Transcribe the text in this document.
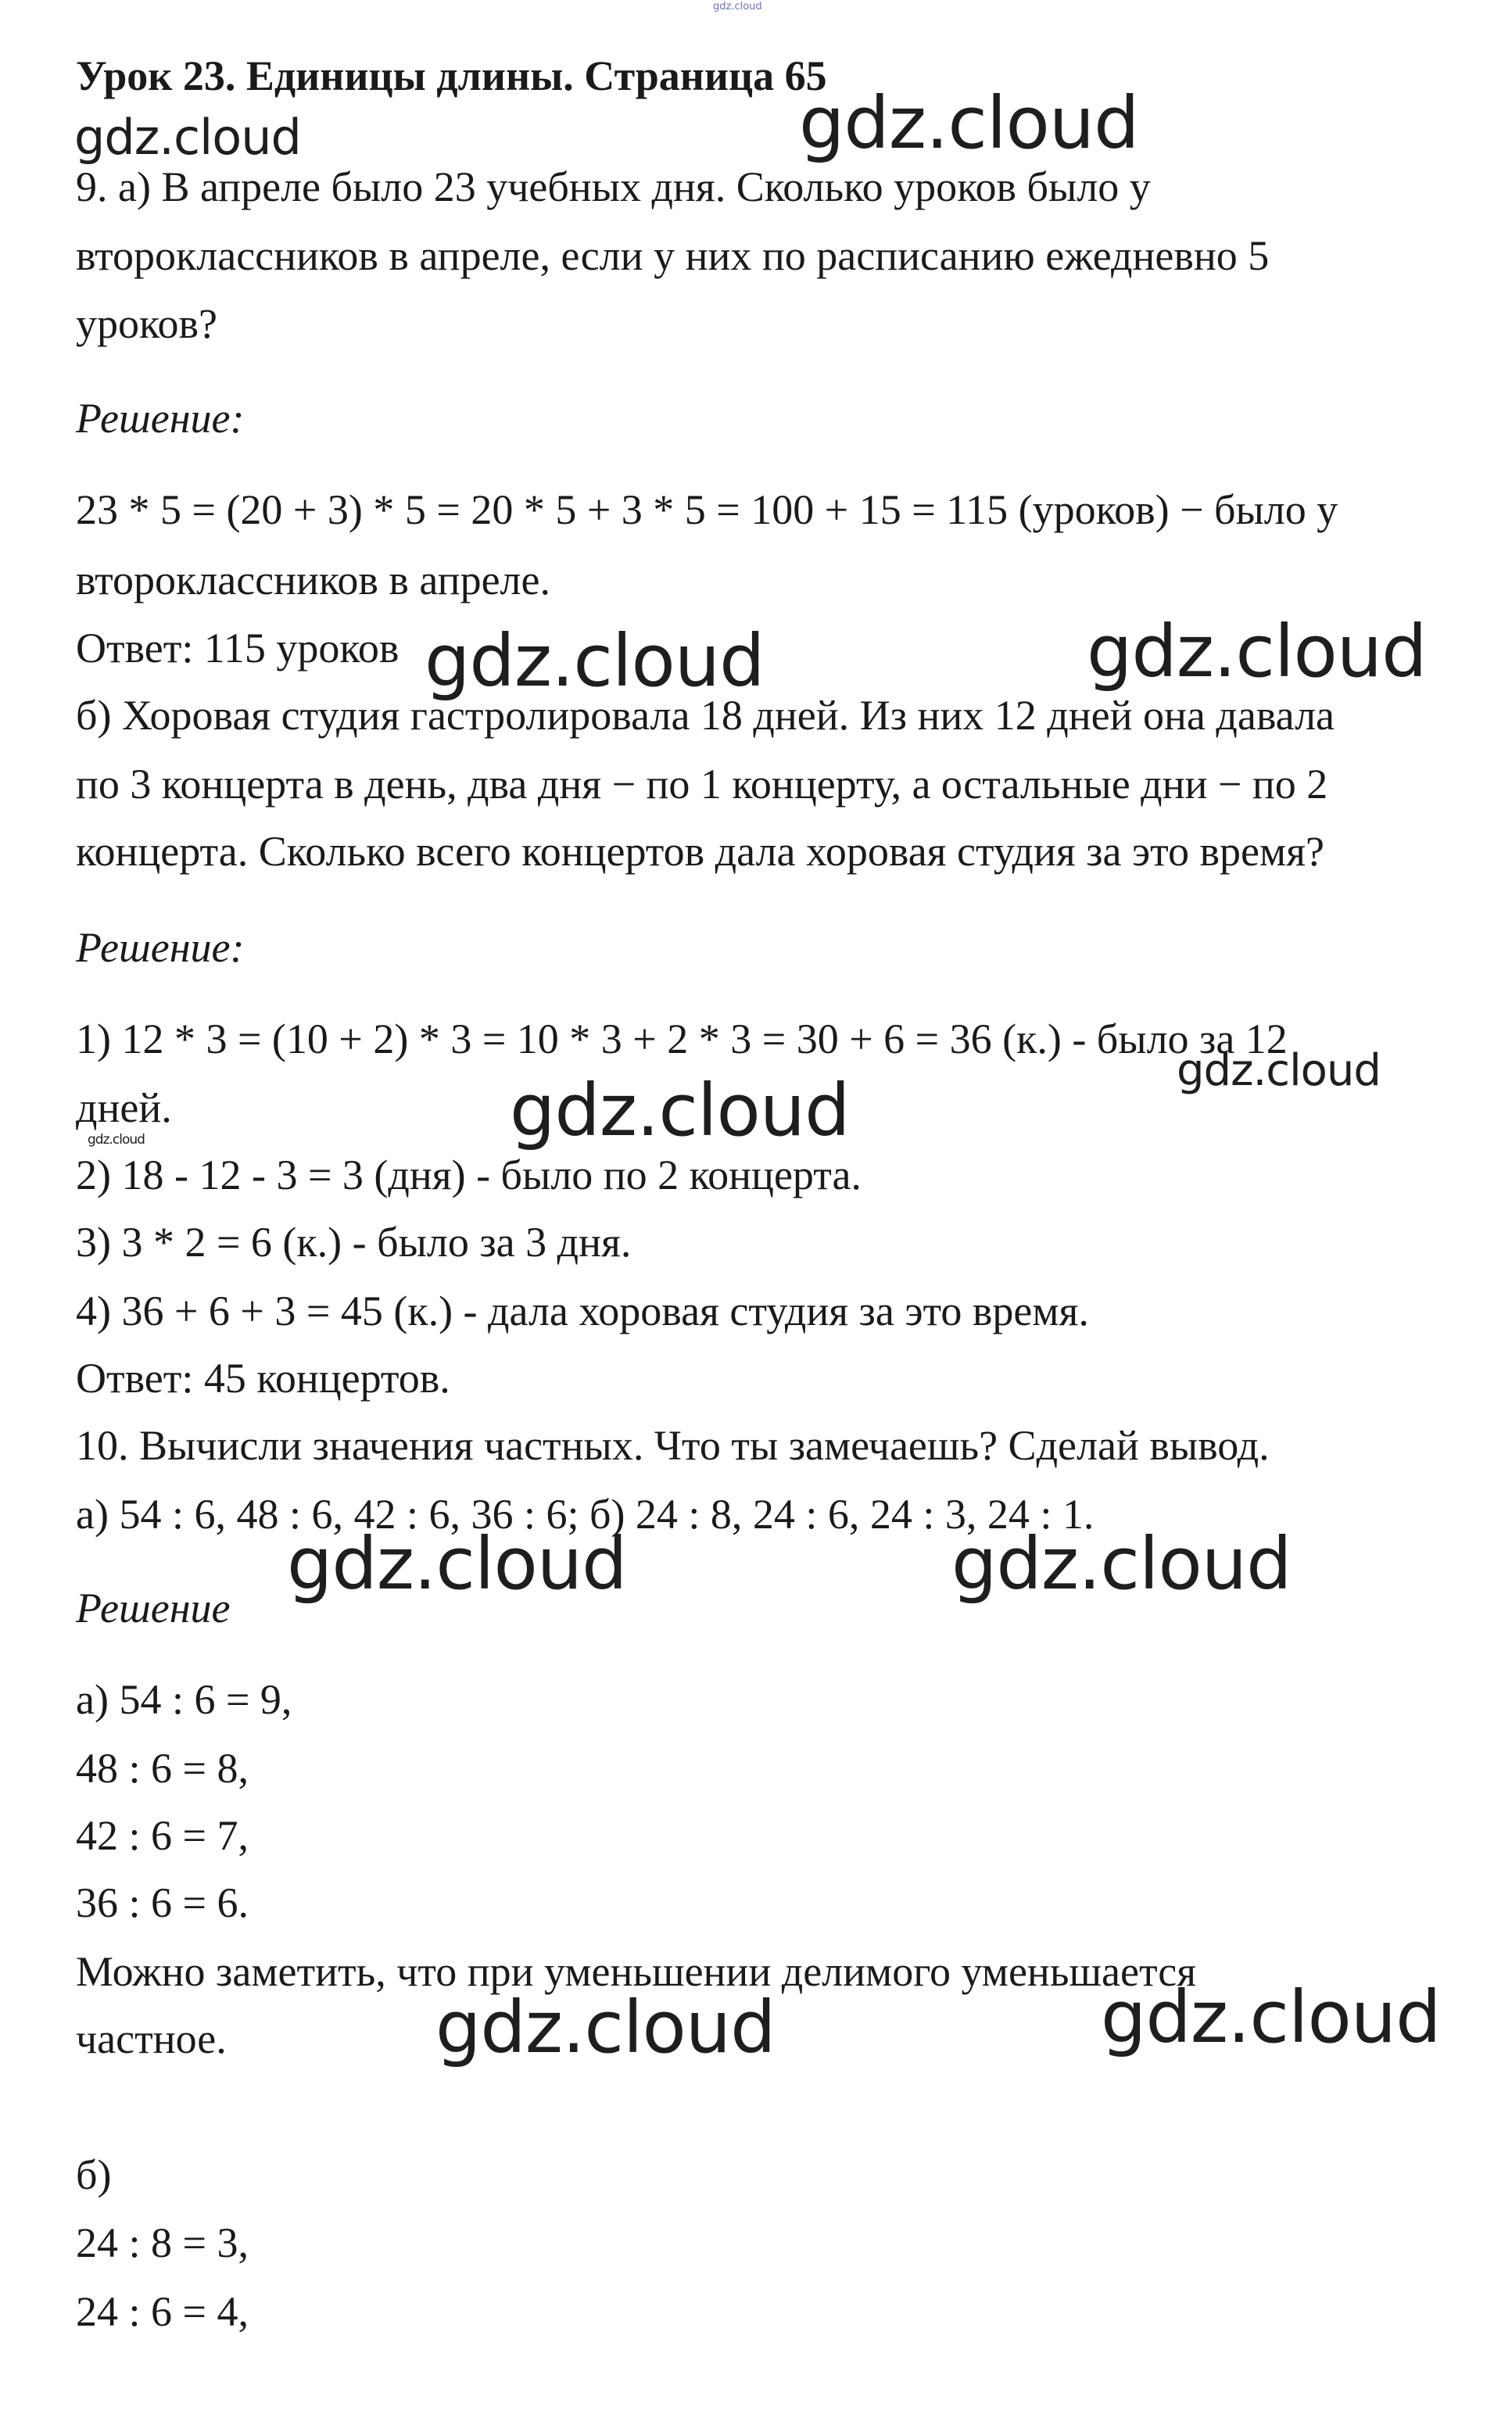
gdz.cloud
Урок 23. Единицы длины. Страница 65
9. а) В апреле было 23 учебных дня. Сколько уроков было у
второклассников в апреле, если у них по расписанию ежедневно 5
уроков?
Решение:
23 * 5 = (20 + 3) * 5 = 20 * 5 + 3 * 5 = 100 + 15 = 115 (уроков) − было у
второклассников в апреле.
Ответ: 115 уроков
б) Хоровая студия гастролировала 18 дней. Из них 12 дней она давала
по 3 концерта в день, два дня − по 1 концерту, а остальные дни − по 2
концерта. Сколько всего концертов дала хоровая студия за это время?
Решение:
1) 12 * 3 = (10 + 2) * 3 = 10 * 3 + 2 * 3 = 30 + 6 = 36 (к.) - было за 12
дней.
2) 18 - 12 - 3 = 3 (дня) - было по 2 концерта.
3) 3 * 2 = 6 (к.) - было за 3 дня.
4) 36 + 6 + 3 = 45 (к.) - дала хоровая студия за это время.
Ответ: 45 концертов.
10. Вычисли значения частных. Что ты замечаешь? Сделай вывод.
а) 54 : 6, 48 : 6, 42 : 6, 36 : 6; б) 24 : 8, 24 : 6, 24 : 3, 24 : 1.
Решение
а) 54 : 6 = 9,
48 : 6 = 8,
42 : 6 = 7,
36 : 6 = 6.
Можно заметить, что при уменьшении делимого уменьшается
частное.
б)
24 : 8 = 3,
24 : 6 = 4,
gdz.cloud	gdz.cloud
gdz.cloud	gdz.cloud
gdz.cloud
gdz.cloud
gdz.cloud
gdz.cloud	gdz.cloud
gdz.cloud	gdz.cloud
